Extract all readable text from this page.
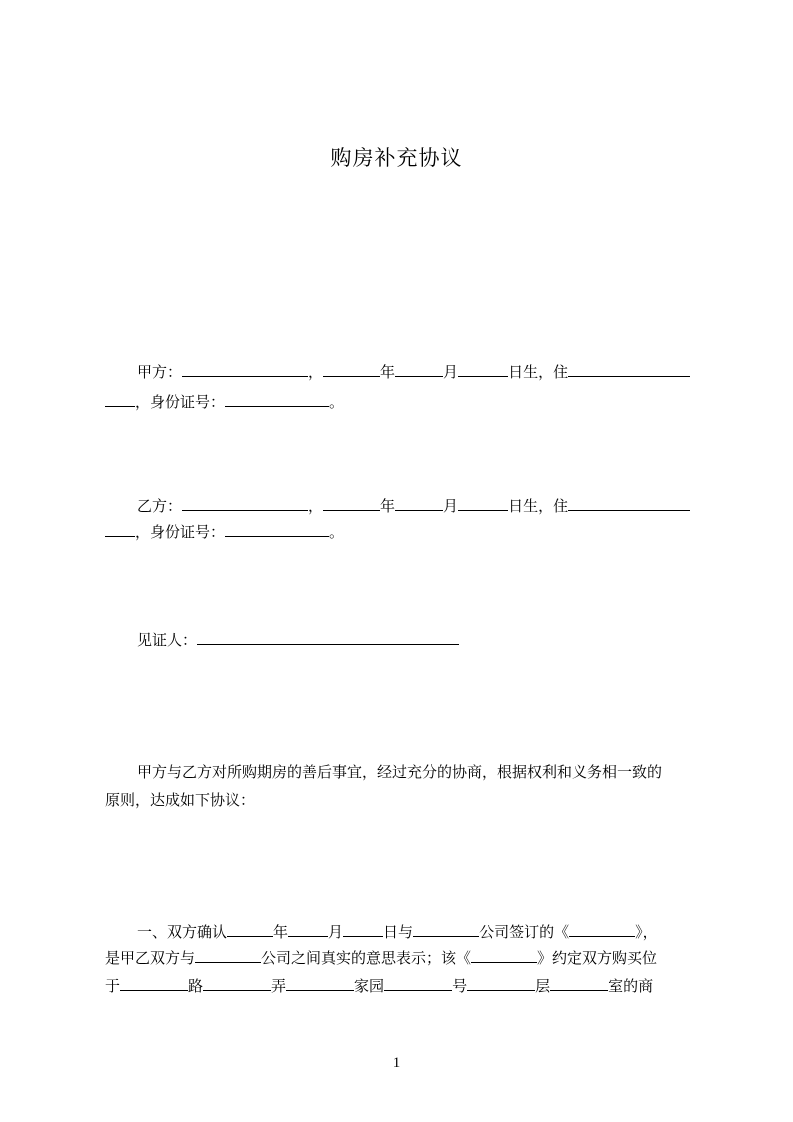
购房补充协议
甲方：	，	年	月	日生，住
，身份证号：	。
乙方：	，	年	月	日生，住
，身份证号：	。
见证人：
甲方与乙方对所购期房的善后事宜，经过充分的协商，根据权利和义务相一致的
原则，达成如下协议：
一、双方确认	年	月	日与	公司签订的《	》，
是甲乙双方与	公司之间真实的意思表示；该《	》约定双方购买位
于	路	弄	家园	号	层	室的商
1
